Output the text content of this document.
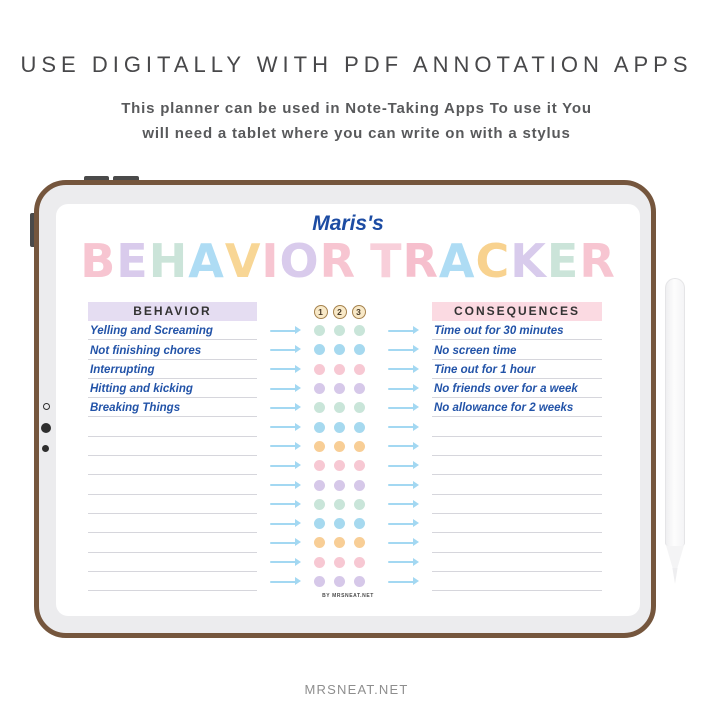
USE DIGITALLY WITH PDF ANNOTATION APPS
This planner can be used in Note-Taking Apps To use it You
will need a tablet where you can write on with a stylus
Maris's
B E H A V I O R T R A C K E R
BEHAVIOR	1	2	3	CONSEQUENCES
Yelling and Screaming	Time out for 30 minutes
Not finishing chores	No screen time
Interrupting	Tine out for 1 hour
Hitting and kicking	No friends over for a week
Breaking Things	No allowance for 2 weeks
BY MRSNEAT.NET
MRSNEAT.NET
